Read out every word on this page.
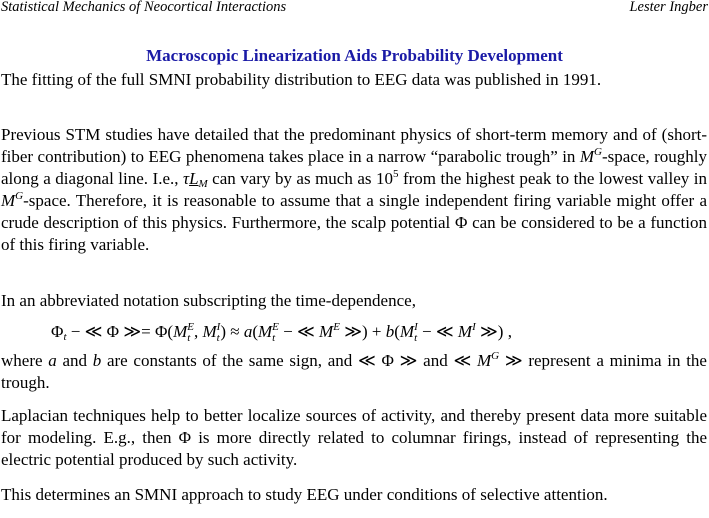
Statistical Mechanics of Neocortical Interactions	Lester Ingber
Macroscopic Linearization Aids Probability Development
The fitting of the full SMNI probability distribution to EEG data was published in 1991.
Previous STM studies have detailed that the predominant physics of short-term memory and of (short-fiber contribution) to EEG phenomena takes place in a narrow “parabolic trough” in $M^G$-space, roughly along a diagonal line. I.e., $\tau L_M$ can vary by as much as $10^5$ from the highest peak to the lowest valley in $M^G$-space. Therefore, it is reasonable to assume that a single independent firing variable might offer a crude description of this physics. Furthermore, the scalp potential Φ can be considered to be a function of this firing variable.
In an abbreviated notation subscripting the time-dependence,
$\Phi_t$ − ≪ Φ ≫= Φ(M E
t , M I
t ) ≈ a(M E
t − ≪ $M^E$ ≫) + b(M I
t − ≪ $M^I$ ≫) ,
where a and b are constants of the same sign, and ≪ Φ ≫ and ≪ $M^G$ ≫ represent a minima in the trough.
Laplacian techniques help to better localize sources of activity, and thereby present data more suitable for modeling. E.g., then Φ is more directly related to columnar firings, instead of representing the electric potential produced by such activity.
This determines an SMNI approach to study EEG under conditions of selective attention.
